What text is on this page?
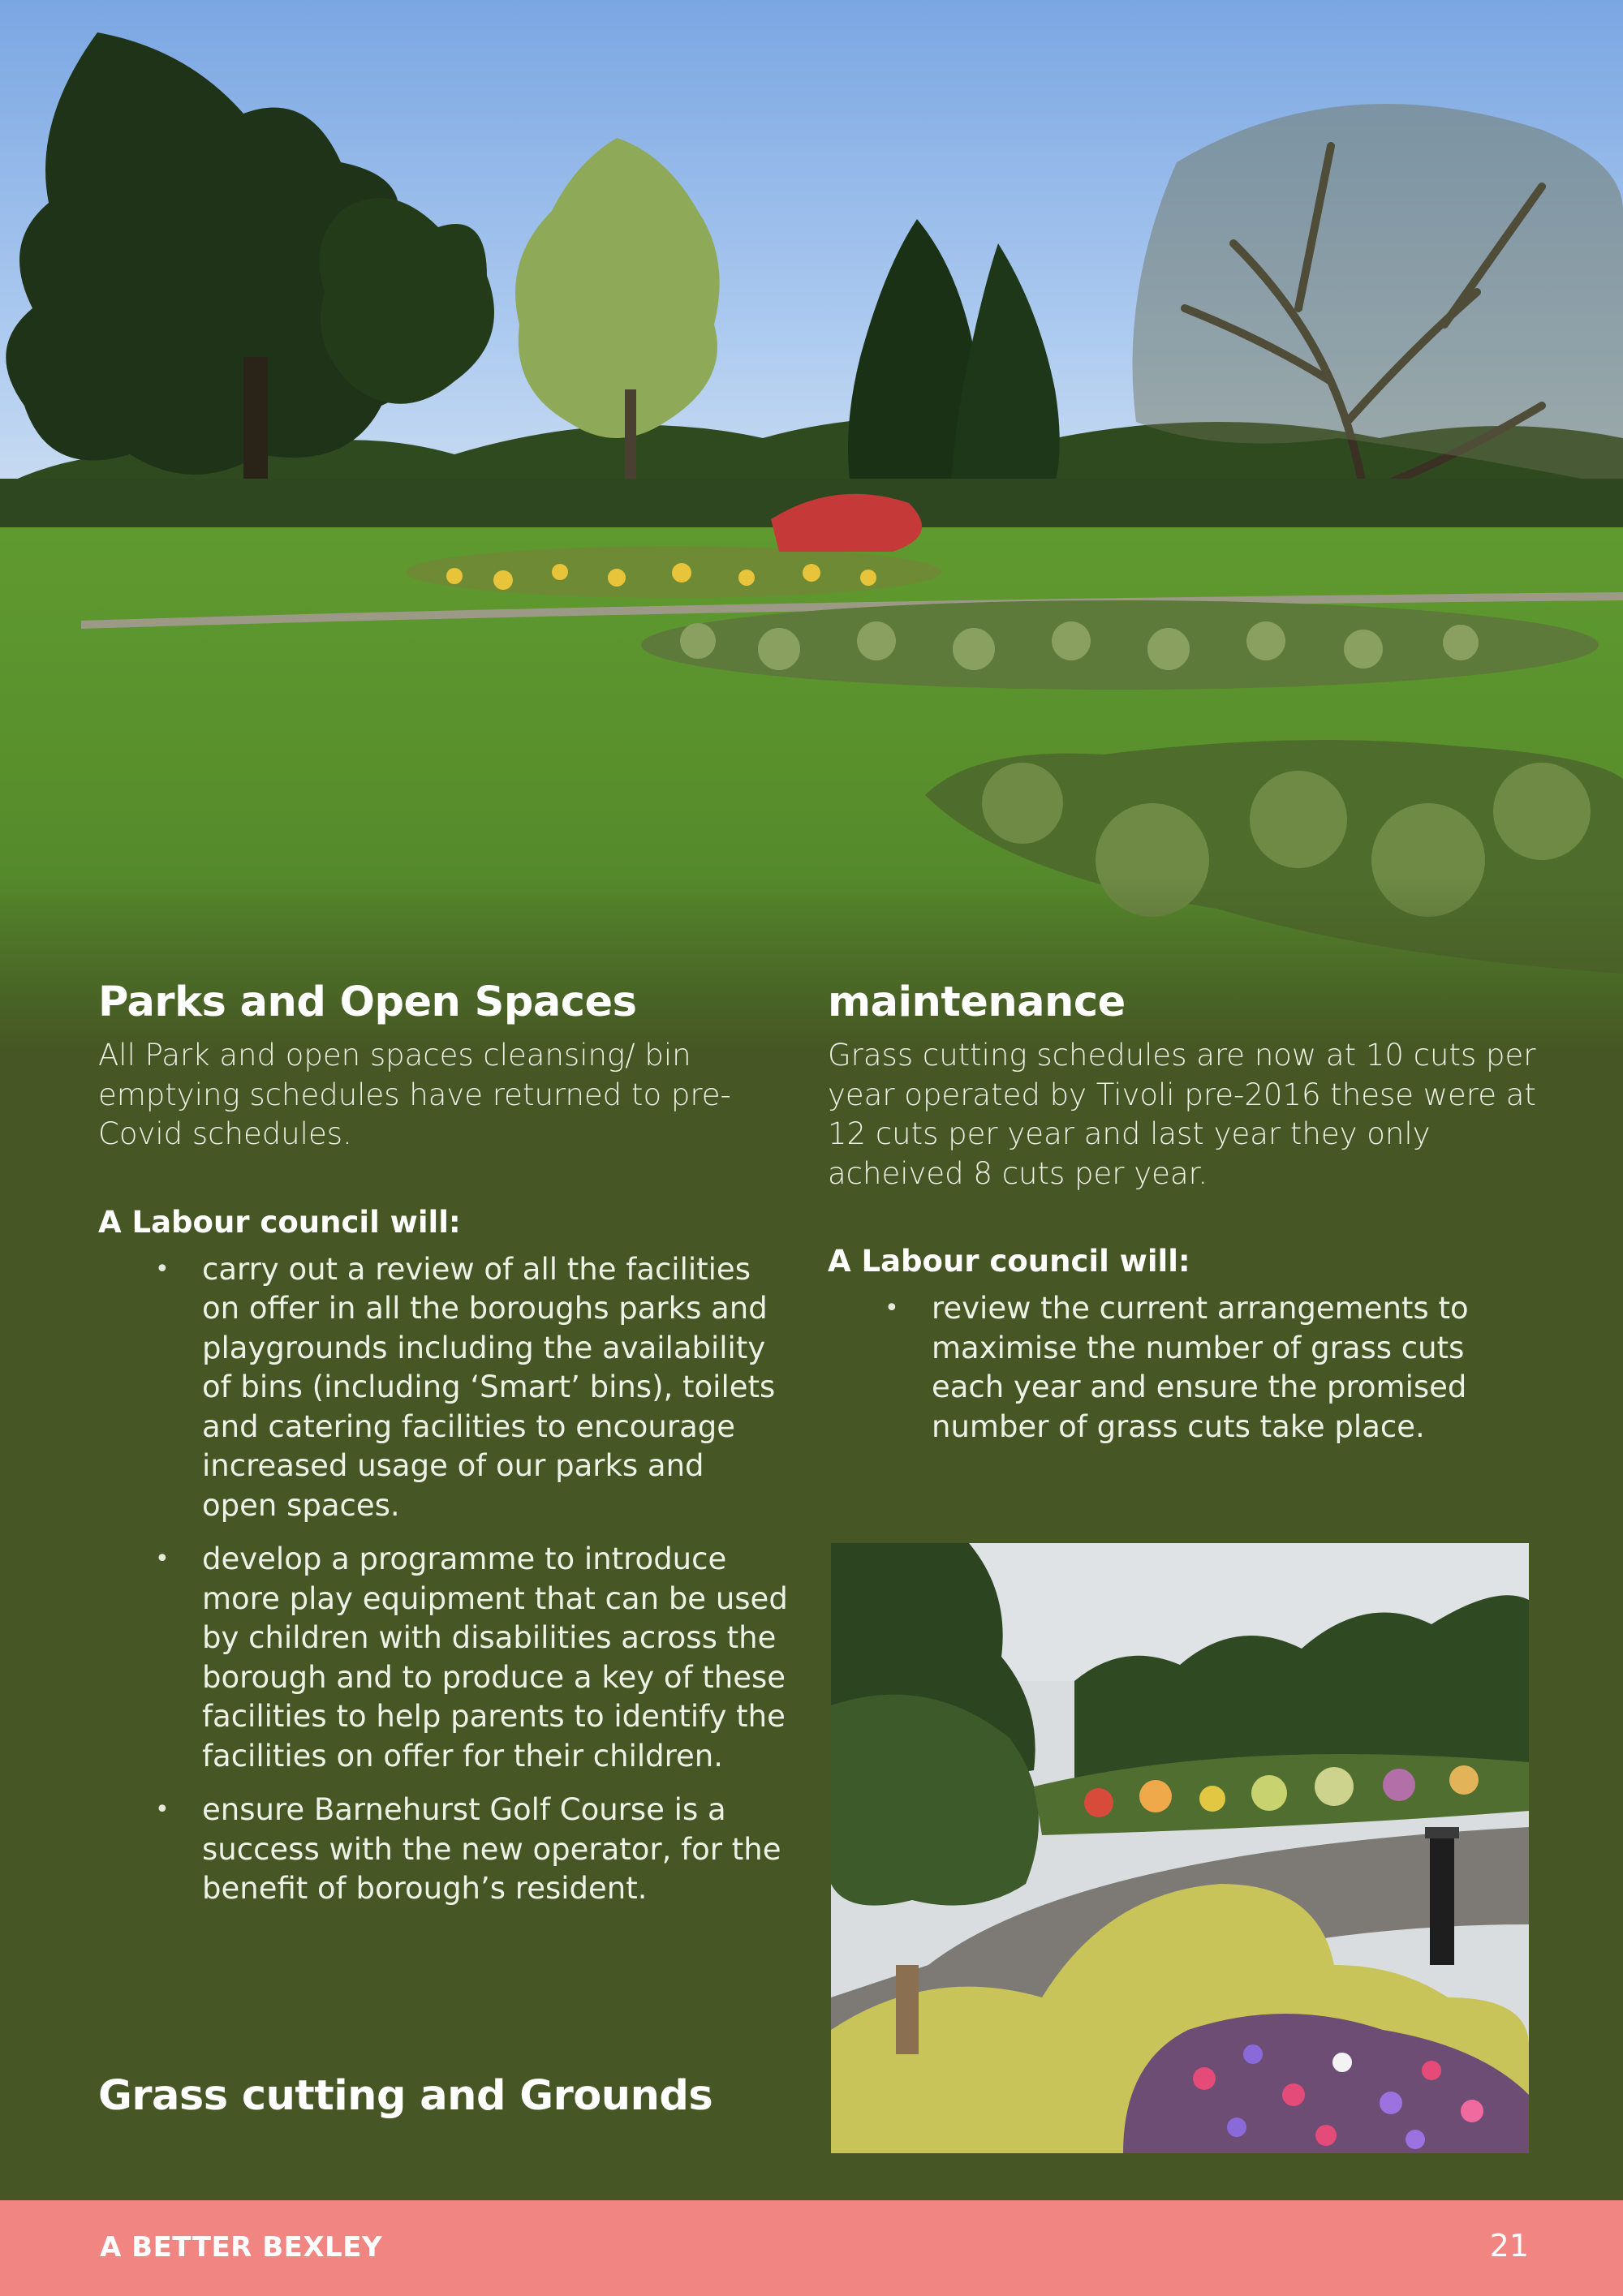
Parks and Open Spaces

All Park and open spaces cleansing/ bin emptying schedules have returned to pre-Covid schedules.

A Labour council will:
• carry out a review of all the facilities on offer in all the boroughs parks and playgrounds including the availability of bins (including ‘Smart’ bins), toilets and catering facilities to encourage increased usage of our parks and open spaces.
• develop a programme to introduce more play equipment that can be used by children with disabilities across the borough and to produce a key of these facilities to help parents to identify the facilities on offer for their children.
• ensure Barnehurst Golf Course is a success with the new operator, for the benefit of borough’s resident.
Grass cutting and Grounds
maintenance

Grass cutting schedules are now at 10 cuts per year operated by Tivoli pre-2016 these were at 12 cuts per year and last year they only acheived 8 cuts per year.

A Labour council will:
• review the current arrangements to maximise the number of grass cuts each year and ensure the promised number of grass cuts take place.
A BETTER BEXLEY	21
